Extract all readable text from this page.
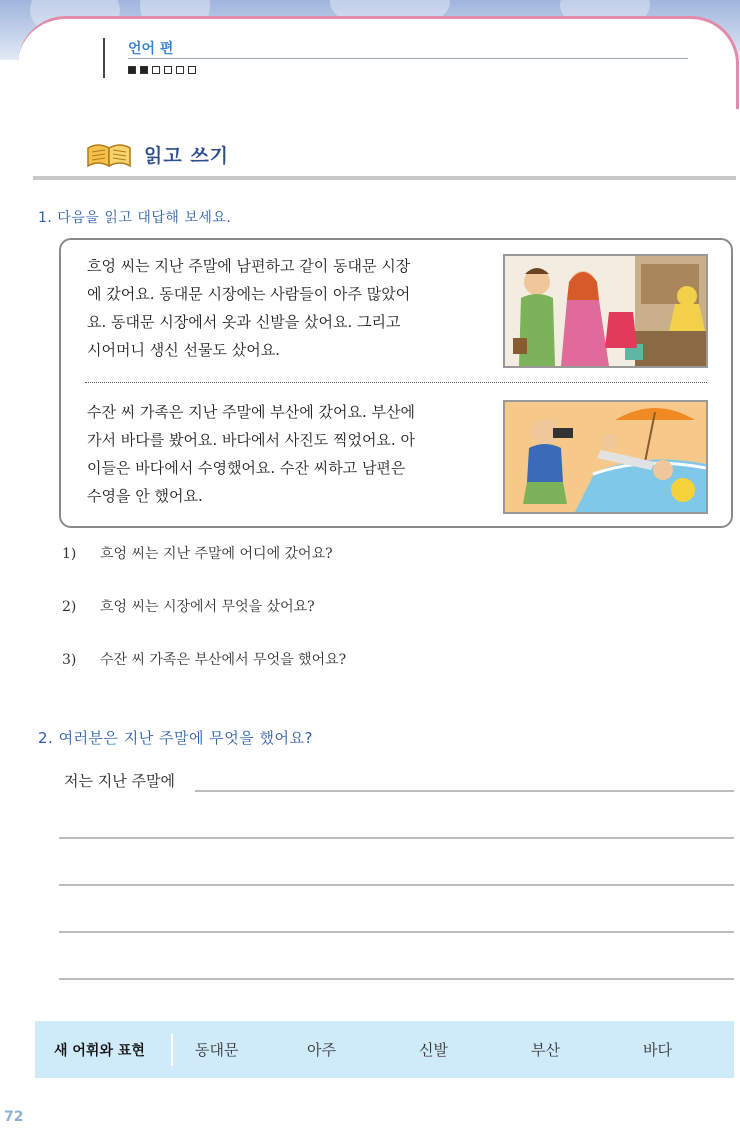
언어 편
읽고 쓰기
1. 다음을 읽고 대답해 보세요.
흐엉 씨는 지난 주말에 남편하고 같이 동대문 시장
에 갔어요. 동대문 시장에는 사람들이 아주 많았어
요. 동대문 시장에서 옷과 신발을 샀어요. 그리고
시어머니 생신 선물도 샀어요.
수잔 씨 가족은 지난 주말에 부산에 갔어요. 부산에
가서 바다를 봤어요. 바다에서 사진도 찍었어요. 아
이들은 바다에서 수영했어요. 수잔 씨하고 남편은
수영을 안 했어요.
1) 흐엉 씨는 지난 주말에 어디에 갔어요?
2) 흐엉 씨는 시장에서 무엇을 샀어요?
3) 수잔 씨 가족은 부산에서 무엇을 했어요?
2. 여러분은 지난 주말에 무엇을 했어요?
저는 지난 주말에
새 어휘와 표현	동대문	아주	신발	부산	바다
72
